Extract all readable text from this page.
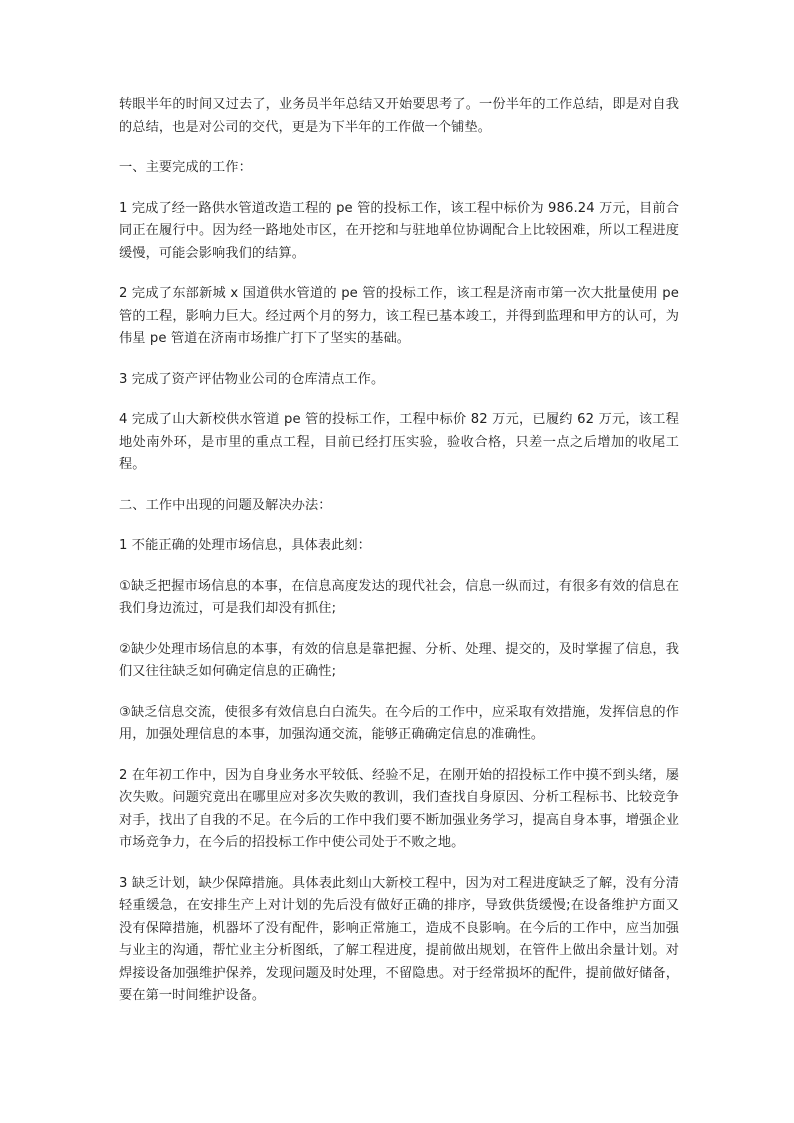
转眼半年的时间又过去了，业务员半年总结又开始要思考了。一份半年的工作总结，即是对自我的总结，也是对公司的交代，更是为下半年的工作做一个铺垫。

一、主要完成的工作：

1 完成了经一路供水管道改造工程的 pe 管的投标工作，该工程中标价为 986.24 万元，目前合同正在履行中。因为经一路地处市区，在开挖和与驻地单位协调配合上比较困难，所以工程进度缓慢，可能会影响我们的结算。

2 完成了东部新城 x 国道供水管道的 pe 管的投标工作，该工程是济南市第一次大批量使用 pe 管的工程，影响力巨大。经过两个月的努力，该工程已基本竣工，并得到监理和甲方的认可，为伟星 pe 管道在济南市场推广打下了坚实的基础。

3 完成了资产评估物业公司的仓库清点工作。

4 完成了山大新校供水管道 pe 管的投标工作，工程中标价 82 万元，已履约 62 万元，该工程地处南外环，是市里的重点工程，目前已经打压实验，验收合格，只差一点之后增加的收尾工程。

二、工作中出现的问题及解决办法：

1 不能正确的处理市场信息，具体表此刻：

①缺乏把握市场信息的本事，在信息高度发达的现代社会，信息一纵而过，有很多有效的信息在我们身边流过，可是我们却没有抓住;

②缺少处理市场信息的本事，有效的信息是靠把握、分析、处理、提交的，及时掌握了信息，我们又往往缺乏如何确定信息的正确性;

③缺乏信息交流，使很多有效信息白白流失。在今后的工作中，应采取有效措施，发挥信息的作用，加强处理信息的本事，加强沟通交流，能够正确确定信息的准确性。

2 在年初工作中，因为自身业务水平较低、经验不足，在刚开始的招投标工作中摸不到头绪，屡次失败。问题究竟出在哪里应对多次失败的教训，我们查找自身原因、分析工程标书、比较竞争对手，找出了自我的不足。在今后的工作中我们要不断加强业务学习，提高自身本事，增强企业市场竞争力，在今后的招投标工作中使公司处于不败之地。

3 缺乏计划，缺少保障措施。具体表此刻山大新校工程中，因为对工程进度缺乏了解，没有分清轻重缓急，在安排生产上对计划的先后没有做好正确的排序，导致供货缓慢;在设备维护方面又没有保障措施，机器坏了没有配件，影响正常施工，造成不良影响。在今后的工作中，应当加强与业主的沟通，帮忙业主分析图纸，了解工程进度，提前做出规划，在管件上做出余量计划。对焊接设备加强维护保养，发现问题及时处理，不留隐患。对于经常损坏的配件，提前做好储备，要在第一时间维护设备。
